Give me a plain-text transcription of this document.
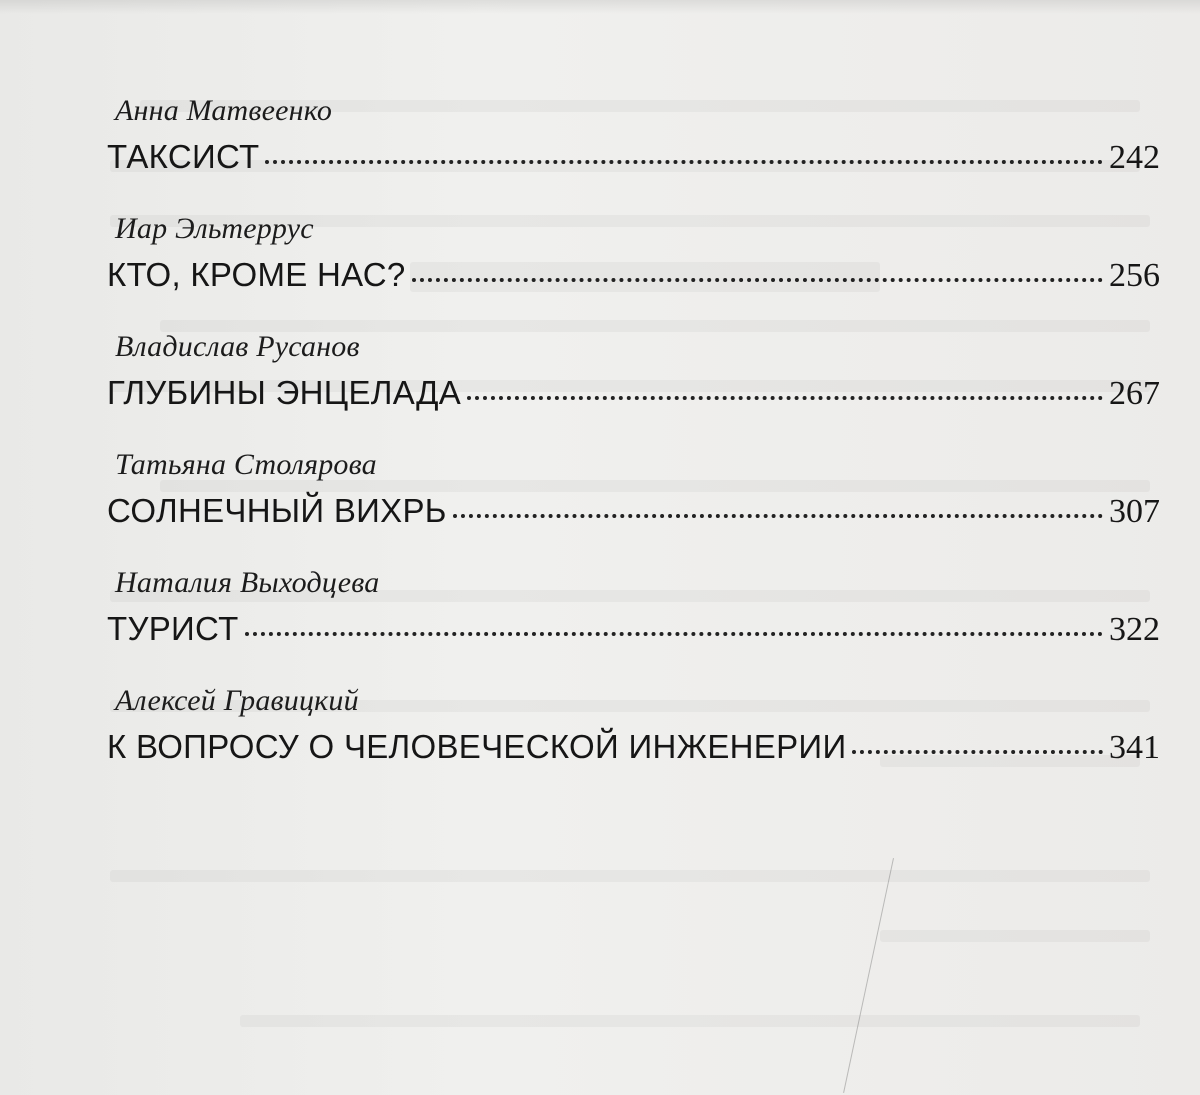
Анна Матвеенко
ТАКСИСТ	242
Иар Эльтеррус
КТО, КРОМЕ НАС?	256
Владислав Русанов
ГЛУБИНЫ ЭНЦЕЛАДА	267
Татьяна Столярова
СОЛНЕЧНЫЙ ВИХРЬ	307
Наталия Выходцева
ТУРИСТ	322
Алексей Гравицкий
К ВОПРОСУ О ЧЕЛОВЕЧЕСКОЙ ИНЖЕНЕРИИ	341
